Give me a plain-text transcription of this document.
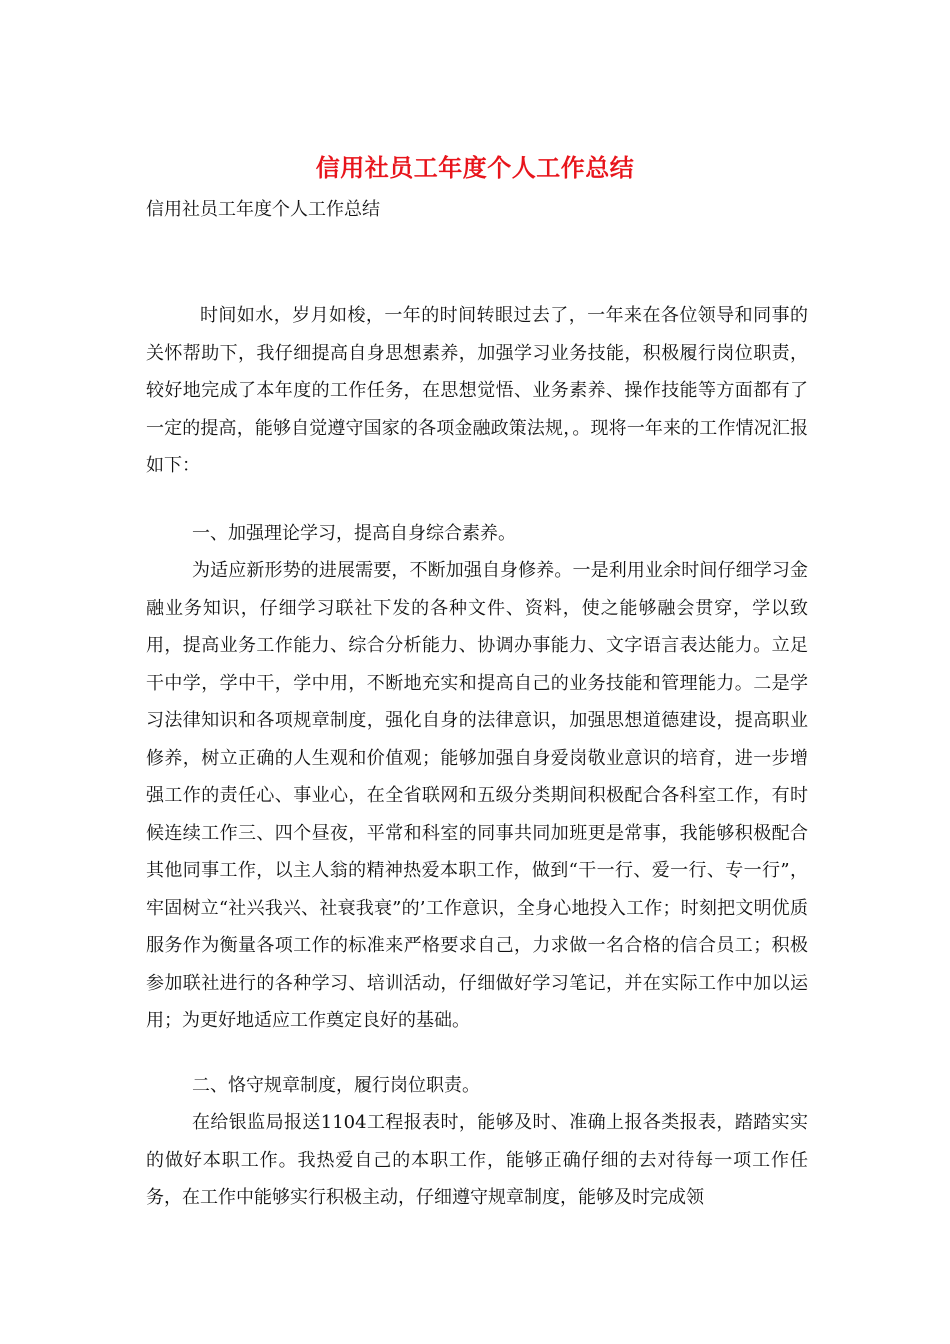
信用社员工年度个人工作总结
信用社员工年度个人工作总结

时间如水，岁月如梭，一年的时间转眼过去了，一年来在各位领导和同事的关怀帮助下，我仔细提高自身思想素养，加强学习业务技能，积极履行岗位职责，较好地完成了本年度的工作任务，在思想觉悟、业务素养、操作技能等方面都有了一定的提高，能够自觉遵守国家的各项金融政策法规，。现将一年来的工作情况汇报如下：

一、加强理论学习，提高自身综合素养。

为适应新形势的进展需要，不断加强自身修养。一是利用业余时间仔细学习金融业务知识，仔细学习联社下发的各种文件、资料，使之能够融会贯穿，学以致用，提高业务工作能力、综合分析能力、协调办事能力、文字语言表达能力。立足干中学，学中干，学中用，不断地充实和提高自己的业务技能和管理能力。二是学习法律知识和各项规章制度，强化自身的法律意识，加强思想道德建设，提高职业修养，树立正确的人生观和价值观；能够加强自身爱岗敬业意识的培育，进一步增强工作的责任心、事业心，在全省联网和五级分类期间积极配合各科室工作，有时候连续工作三、四个昼夜，平常和科室的同事共同加班更是常事，我能够积极配合其他同事工作，以主人翁的精神热爱本职工作，做到“干一行、爱一行、专一行”，牢固树立“社兴我兴、社衰我衰”的’工作意识，全身心地投入工作；时刻把文明优质服务作为衡量各项工作的标准来严格要求自己，力求做一名合格的信合员工；积极参加联社进行的各种学习、培训活动，仔细做好学习笔记，并在实际工作中加以运用；为更好地适应工作奠定良好的基础。

二、恪守规章制度，履行岗位职责。

在给银监局报送1104工程报表时，能够及时、准确上报各类报表，踏踏实实的做好本职工作。我热爱自己的本职工作，能够正确仔细的去对待每一项工作任务，在工作中能够实行积极主动，仔细遵守规章制度，能够及时完成领
